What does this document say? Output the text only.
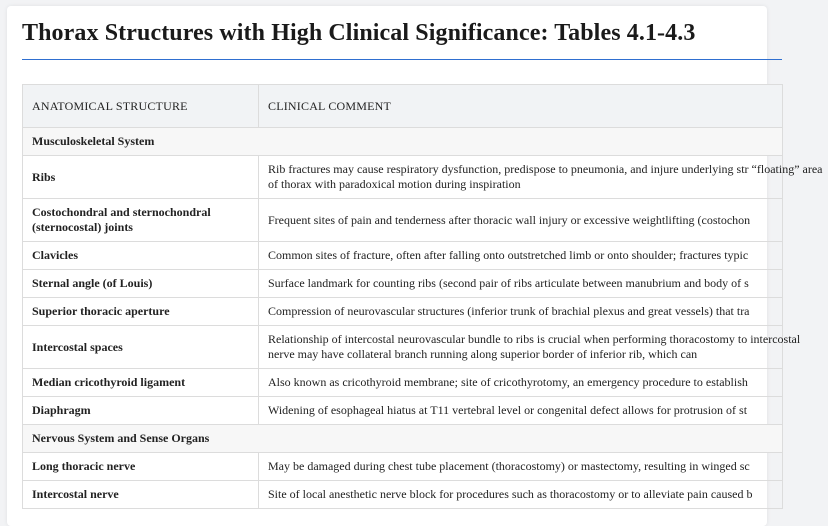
Thorax Structures with High Clinical Significance: Tables 4.1-4.3
ANATOMICAL STRUCTURE	CLINICAL COMMENT
Musculoskeletal System	
Ribs	Rib fractures may cause respiratory dysfunction, predispose to pneumonia, and injure underlying str “floating” area of thorax with paradoxical motion during inspiration

Costochondral and sternochondral (sternocostal) joints	Frequent sites of pain and tenderness after thoracic wall injury or excessive weightlifting (costochon

Clavicles	Common sites of fracture, often after falling onto outstretched limb or onto shoulder; fractures typic

Sternal angle (of Louis)	Surface landmark for counting ribs (second pair of ribs articulate between manubrium and body of s

Superior thoracic aperture	Compression of neurovascular structures (inferior trunk of brachial plexus and great vessels) that tra

Intercostal spaces	Relationship of intercostal neurovascular bundle to ribs is crucial when performing thoracostomy to intercostal nerve may have collateral branch running along superior border of inferior rib, which can

Median cricothyroid ligament	Also known as cricothyroid membrane; site of cricothyrotomy, an emergency procedure to establish

Diaphragm	Widening of esophageal hiatus at T11 vertebral level or congenital defect allows for protrusion of st

Nervous System and Sense Organs	
Long thoracic nerve	May be damaged during chest tube placement (thoracostomy) or mastectomy, resulting in winged sc

Intercostal nerve	Site of local anesthetic nerve block for procedures such as thoracostomy or to alleviate pain caused b
